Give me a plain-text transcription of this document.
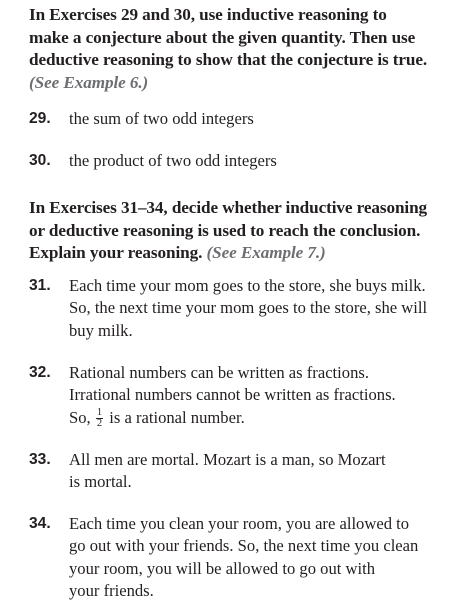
In Exercises 29 and 30, use inductive reasoning to
make a conjecture about the given quantity. Then use
deductive reasoning to show that the conjecture is true.
(See Example 6.)
29. the sum of two odd integers
30. the product of two odd integers
In Exercises 31–34, decide whether inductive reasoning
or deductive reasoning is used to reach the conclusion.
Explain your reasoning. (See Example 7.)
31. Each time your mom goes to the store, she buys milk.
So, the next time your mom goes to the store, she will
buy milk.
32. Rational numbers can be written as fractions.
Irrational numbers cannot be written as fractions.
So, $\frac{1}{2}$ is a rational number.
33. All men are mortal. Mozart is a man, so Mozart
is mortal.
34. Each time you clean your room, you are allowed to
go out with your friends. So, the next time you clean
your room, you will be allowed to go out with
your friends.
